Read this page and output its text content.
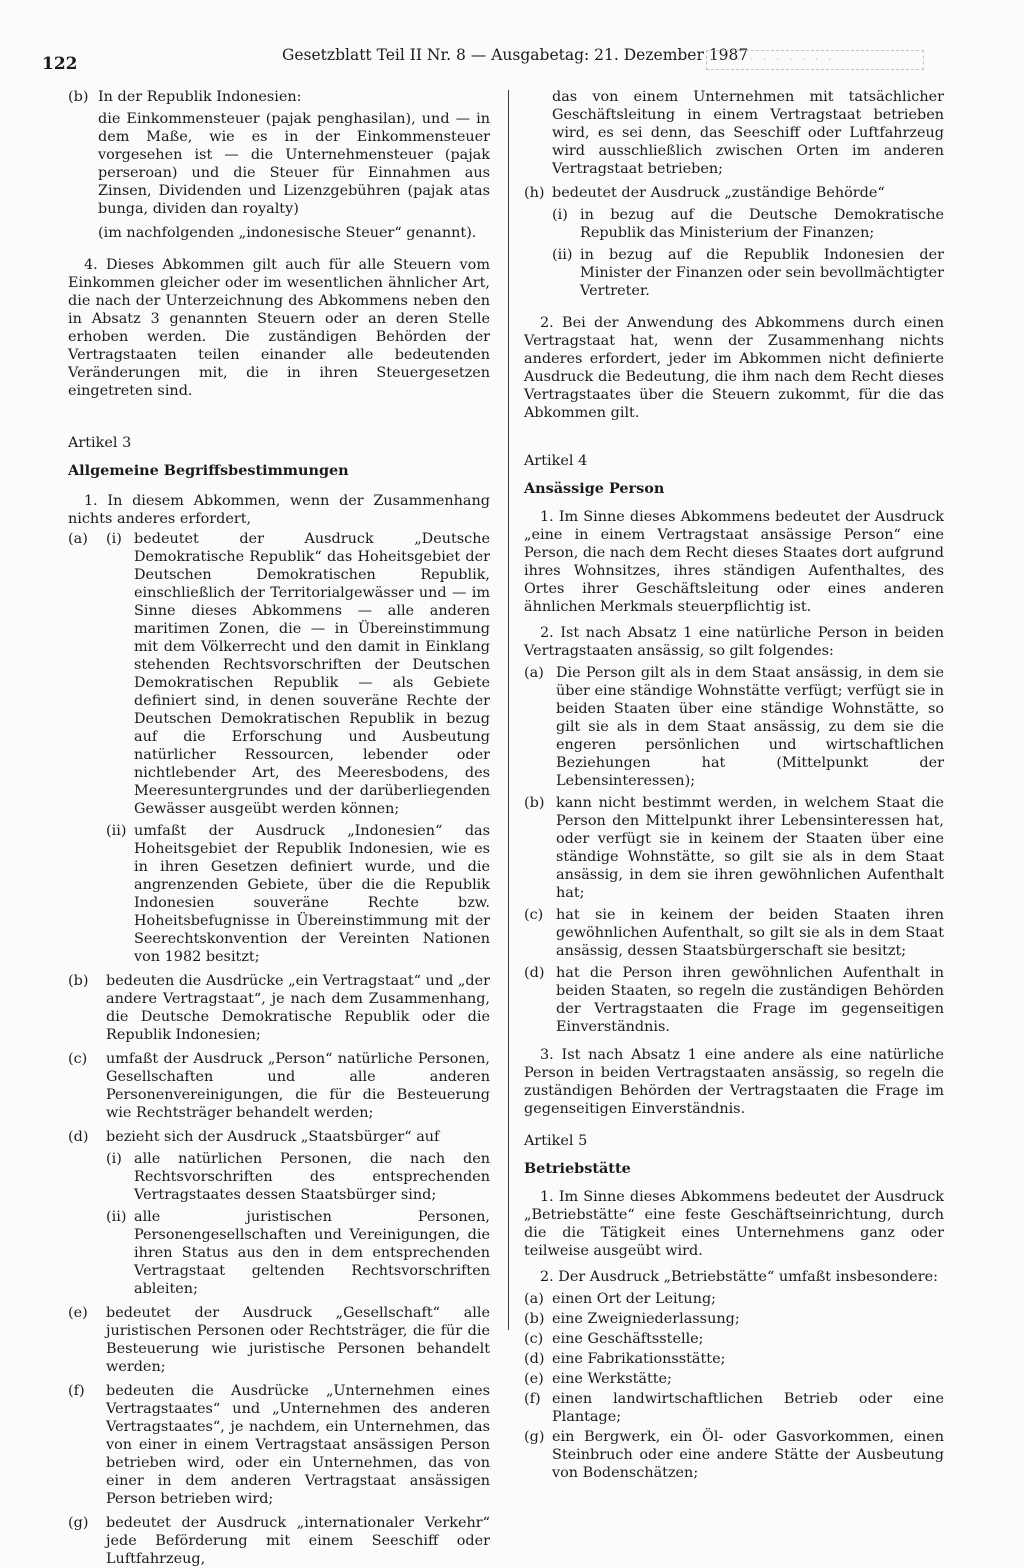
122	Gesetzblatt Teil II Nr. 8 — Ausgabetag: 21. Dezember 1987
· · · · · · · · · ·
(b) In der Republik Indonesien:

die Einkommensteuer (pajak penghasilan), und — in dem Maße, wie es in der Einkommensteuer vorgesehen ist — die Unternehmensteuer (pajak perseroan) und die Steuer für Einnahmen aus Zinsen, Dividenden und Lizenzgebühren (pajak atas bunga, dividen dan royalty)

(im nachfolgenden „indonesische Steuer“ genannt).

4. Dieses Abkommen gilt auch für alle Steuern vom Einkommen gleicher oder im wesentlichen ähnlicher Art, die nach der Unterzeichnung des Abkommens neben den in Absatz 3 genannten Steuern oder an deren Stelle erhoben werden. Die zuständigen Behörden der Vertragstaaten teilen einander alle bedeutenden Veränderungen mit, die in ihren Steuergesetzen eingetreten sind.

Artikel 3

Allgemeine Begriffsbestimmungen

1. In diesem Abkommen, wenn der Zusammenhang nichts anderes erfordert,

(a)	(i) bedeutet der Ausdruck „Deutsche Demokratische Republik“ das Hoheitsgebiet der Deutschen Demokratischen Republik, einschließlich der Territorialgewässer und — im Sinne dieses Abkommens — alle anderen maritimen Zonen, die — in Übereinstimmung mit dem Völkerrecht und den damit in Einklang stehenden Rechtsvorschriften der Deutschen Demokratischen Republik — als Gebiete definiert sind, in denen souveräne Rechte der Deutschen Demokratischen Republik in bezug auf die Erforschung und Ausbeutung natürlicher Ressourcen, lebender oder nichtlebender Art, des Meeresbodens, des Meeresuntergrundes und der darüberliegenden Gewässer ausgeübt werden können;
(ii) umfaßt der Ausdruck „Indonesien“ das Hoheitsgebiet der Republik Indonesien, wie es in ihren Gesetzen definiert wurde, und die angrenzenden Gebiete, über die die Republik Indonesien souveräne Rechte bzw. Hoheitsbefugnisse in Übereinstimmung mit der Seerechtskonvention der Vereinten Nationen von 1982 besitzt;
(b)	bedeuten die Ausdrücke „ein Vertragstaat“ und „der andere Vertragstaat“, je nach dem Zusammenhang, die Deutsche Demokratische Republik oder die Republik Indonesien;
(c)	umfaßt der Ausdruck „Person“ natürliche Personen, Gesellschaften und alle anderen Personenvereinigungen, die für die Besteuerung wie Rechtsträger behandelt werden;
(d)	bezieht sich der Ausdruck „Staatsbürger“ auf
(i) alle natürlichen Personen, die nach den Rechtsvorschriften des entsprechenden Vertragstaates dessen Staatsbürger sind;
(ii) alle juristischen Personen, Personengesellschaften und Vereinigungen, die ihren Status aus den in dem entsprechenden Vertragstaat geltenden Rechtsvorschriften ableiten;
(e)	bedeutet der Ausdruck „Gesellschaft“ alle juristischen Personen oder Rechtsträger, die für die Besteuerung wie juristische Personen behandelt werden;
(f)	bedeuten die Ausdrücke „Unternehmen eines Vertragstaates“ und „Unternehmen des anderen Vertragstaates“, je nachdem, ein Unternehmen, das von einer in einem Vertragstaat ansässigen Person betrieben wird, oder ein Unternehmen, das von einer in dem anderen Vertragstaat ansässigen Person betrieben wird;
(g)	bedeutet der Ausdruck „internationaler Verkehr“ jede Beförderung mit einem Seeschiff oder Luftfahrzeug,

das von einem Unternehmen mit tatsächlicher Geschäftsleitung in einem Vertragstaat betrieben wird, es sei denn, das Seeschiff oder Luftfahrzeug wird ausschließlich zwischen Orten im anderen Vertragstaat betrieben;

(h) bedeutet der Ausdruck „zuständige Behörde“
(i) in bezug auf die Deutsche Demokratische Republik das Ministerium der Finanzen;
(ii) in bezug auf die Republik Indonesien der Minister der Finanzen oder sein bevollmächtigter Vertreter.

2. Bei der Anwendung des Abkommens durch einen Vertragstaat hat, wenn der Zusammenhang nichts anderes erfordert, jeder im Abkommen nicht definierte Ausdruck die Bedeutung, die ihm nach dem Recht dieses Vertragstaates über die Steuern zukommt, für die das Abkommen gilt.

Artikel 4

Ansässige Person

1. Im Sinne dieses Abkommens bedeutet der Ausdruck „eine in einem Vertragstaat ansässige Person“ eine Person, die nach dem Recht dieses Staates dort aufgrund ihres Wohnsitzes, ihres ständigen Aufenthaltes, des Ortes ihrer Geschäftsleitung oder eines anderen ähnlichen Merkmals steuerpflichtig ist.

2. Ist nach Absatz 1 eine natürliche Person in beiden Vertragstaaten ansässig, so gilt folgendes:

(a) Die Person gilt als in dem Staat ansässig, in dem sie über eine ständige Wohnstätte verfügt; verfügt sie in beiden Staaten über eine ständige Wohnstätte, so gilt sie als in dem Staat ansässig, zu dem sie die engeren persönlichen und wirtschaftlichen Beziehungen hat (Mittelpunkt der Lebensinteressen);
(b) kann nicht bestimmt werden, in welchem Staat die Person den Mittelpunkt ihrer Lebensinteressen hat, oder verfügt sie in keinem der Staaten über eine ständige Wohnstätte, so gilt sie als in dem Staat ansässig, in dem sie ihren gewöhnlichen Aufenthalt hat;
(c) hat sie in keinem der beiden Staaten ihren gewöhnlichen Aufenthalt, so gilt sie als in dem Staat ansässig, dessen Staatsbürgerschaft sie besitzt;
(d) hat die Person ihren gewöhnlichen Aufenthalt in beiden Staaten, so regeln die zuständigen Behörden der Vertragstaaten die Frage im gegenseitigen Einverständnis.

3. Ist nach Absatz 1 eine andere als eine natürliche Person in beiden Vertragstaaten ansässig, so regeln die zuständigen Behörden der Vertragstaaten die Frage im gegenseitigen Einverständnis.

Artikel 5

Betriebstätte

1. Im Sinne dieses Abkommens bedeutet der Ausdruck „Betriebstätte“ eine feste Geschäftseinrichtung, durch die die Tätigkeit eines Unternehmens ganz oder teilweise ausgeübt wird.

2. Der Ausdruck „Betriebstätte“ umfaßt insbesondere:

(a) einen Ort der Leitung;
(b) eine Zweigniederlassung;
(c) eine Geschäftsstelle;
(d) eine Fabrikationsstätte;
(e) eine Werkstätte;
(f) einen landwirtschaftlichen Betrieb oder eine Plantage;
(g) ein Bergwerk, ein Öl- oder Gasvorkommen, einen Steinbruch oder eine andere Stätte der Ausbeutung von Bodenschätzen;
